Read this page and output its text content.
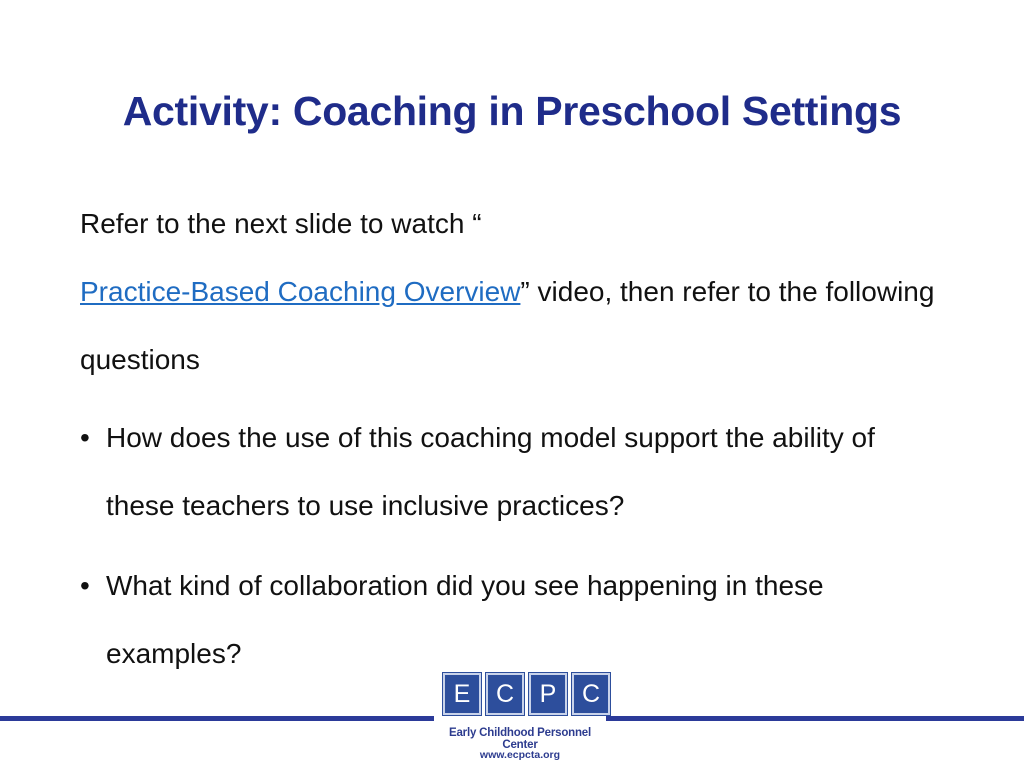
Activity: Coaching in Preschool Settings

Refer to the next slide to watch “
Practice-Based Coaching Overview” video, then refer to the following questions

• How does the use of this coaching model support the ability of these teachers to use inclusive practices?
• What kind of collaboration did you see happening in these examples?
E	C	P	C
Early Childhood Personnel Center
www.ecpcta.org
